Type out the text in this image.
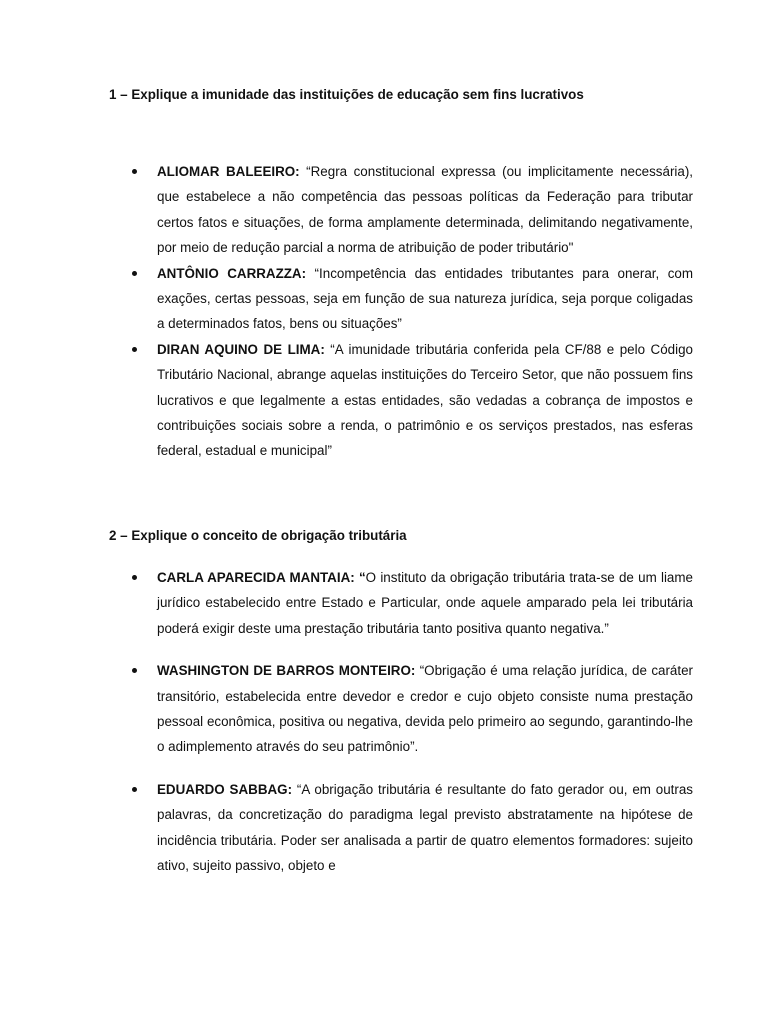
1 – Explique a imunidade das instituições de educação sem fins lucrativos

ALIOMAR BALEEIRO: “Regra constitucional expressa (ou implicitamente necessária), que estabelece a não competência das pessoas políticas da Federação para tributar certos fatos e situações, de forma amplamente determinada, delimitando negativamente, por meio de redução parcial a norma de atribuição de poder tributário"
ANTÔNIO CARRAZZA: “Incompetência das entidades tributantes para onerar, com exações, certas pessoas, seja em função de sua natureza jurídica, seja porque coligadas a determinados fatos, bens ou situações”
DIRAN AQUINO DE LIMA: “A imunidade tributária conferida pela CF/88 e pelo Código Tributário Nacional, abrange aquelas instituições do Terceiro Setor, que não possuem fins lucrativos e que legalmente a estas entidades, são vedadas a cobrança de impostos e contribuições sociais sobre a renda, o patrimônio e os serviços prestados, nas esferas federal, estadual e municipal”

2 – Explique o conceito de obrigação tributária

CARLA APARECIDA MANTAIA: “O instituto da obrigação tributária trata-se de um liame jurídico estabelecido entre Estado e Particular, onde aquele amparado pela lei tributária poderá exigir deste uma prestação tributária tanto positiva quanto negativa.”
WASHINGTON DE BARROS MONTEIRO: “Obrigação é uma relação jurídica, de caráter transitório, estabelecida entre devedor e credor e cujo objeto consiste numa prestação pessoal econômica, positiva ou negativa, devida pelo primeiro ao segundo, garantindo-lhe o adimplemento através do seu patrimônio”.
EDUARDO SABBAG: “A obrigação tributária é resultante do fato gerador ou, em outras palavras, da concretização do paradigma legal previsto abstratamente na hipótese de incidência tributária. Poder ser analisada a partir de quatro elementos formadores: sujeito ativo, sujeito passivo, objeto e
